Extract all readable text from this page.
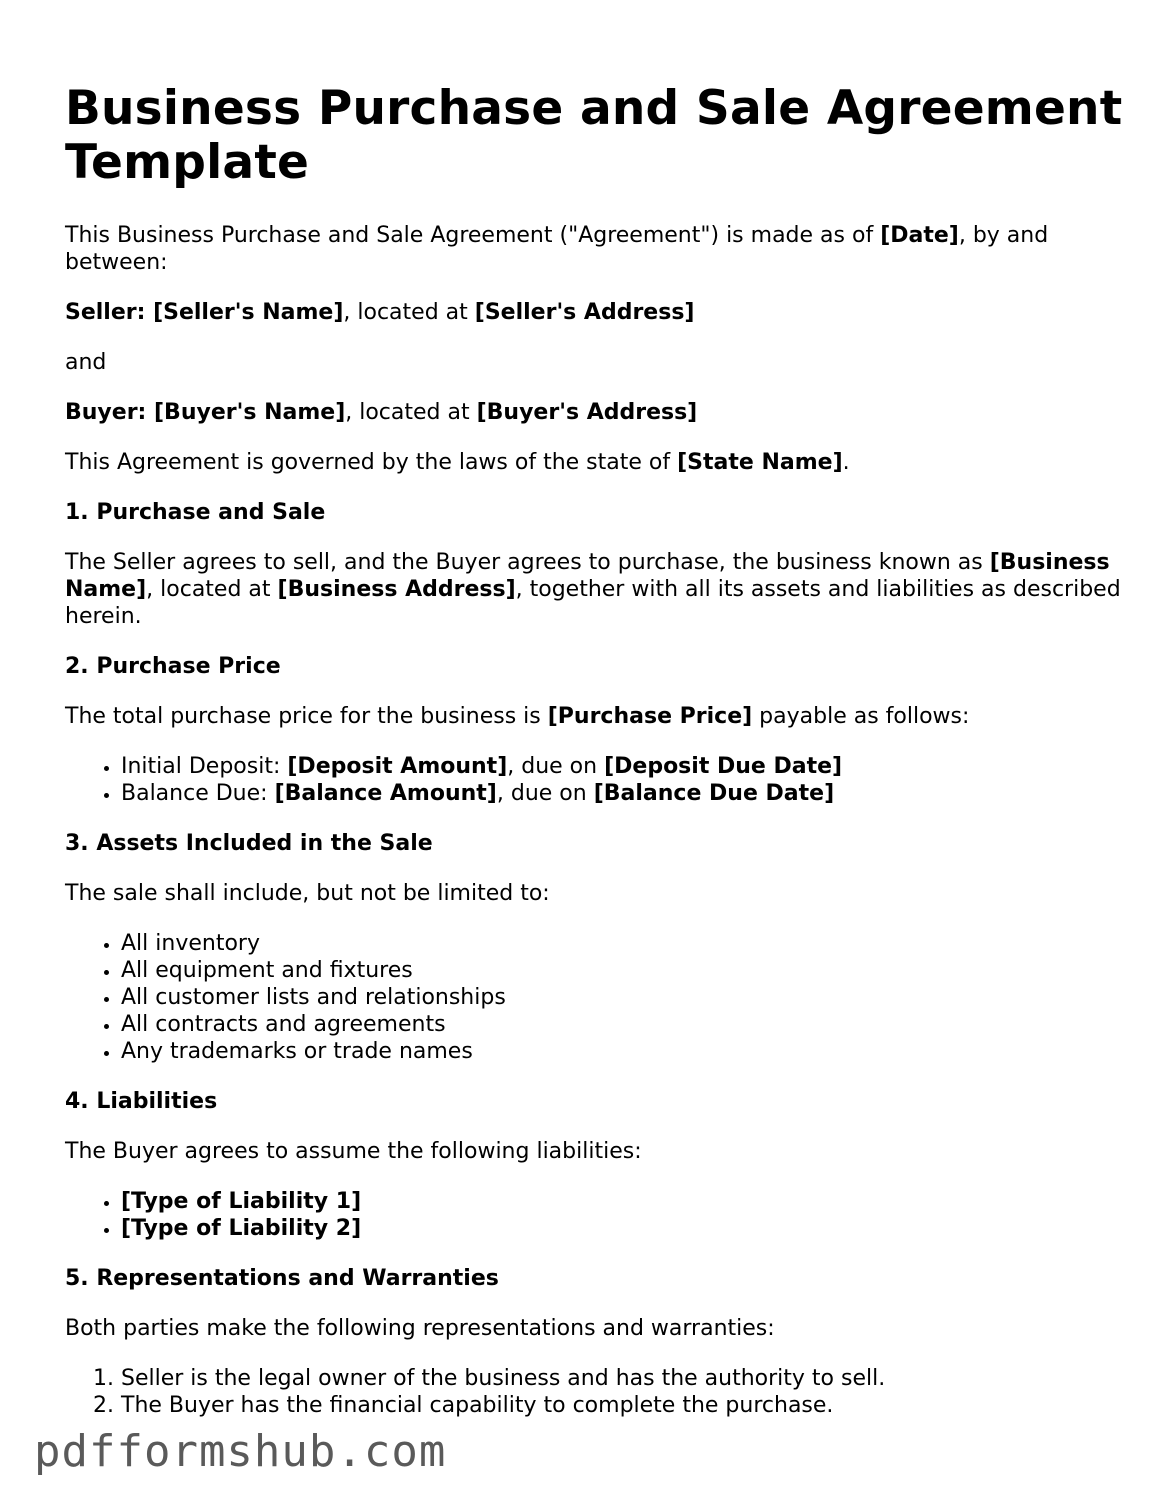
Business Purchase and Sale Agreement Template

This Business Purchase and Sale Agreement ("Agreement") is made as of [Date], by and between:

Seller: [Seller's Name], located at [Seller's Address]

and

Buyer: [Buyer's Name], located at [Buyer's Address]

This Agreement is governed by the laws of the state of [State Name].

1. Purchase and Sale

The Seller agrees to sell, and the Buyer agrees to purchase, the business known as [Business Name], located at [Business Address], together with all its assets and liabilities as described herein.

2. Purchase Price

The total purchase price for the business is [Purchase Price] payable as follows:

• Initial Deposit: [Deposit Amount], due on [Deposit Due Date]
• Balance Due: [Balance Amount], due on [Balance Due Date]
3. Assets Included in the Sale

The sale shall include, but not be limited to:

• All inventory
• All equipment and fixtures
• All customer lists and relationships
• All contracts and agreements
• Any trademarks or trade names
4. Liabilities

The Buyer agrees to assume the following liabilities:

• [Type of Liability 1]
• [Type of Liability 2]
5. Representations and Warranties

Both parties make the following representations and warranties:

1. Seller is the legal owner of the business and has the authority to sell.
2. The Buyer has the financial capability to complete the purchase.
pdfformshub.com
